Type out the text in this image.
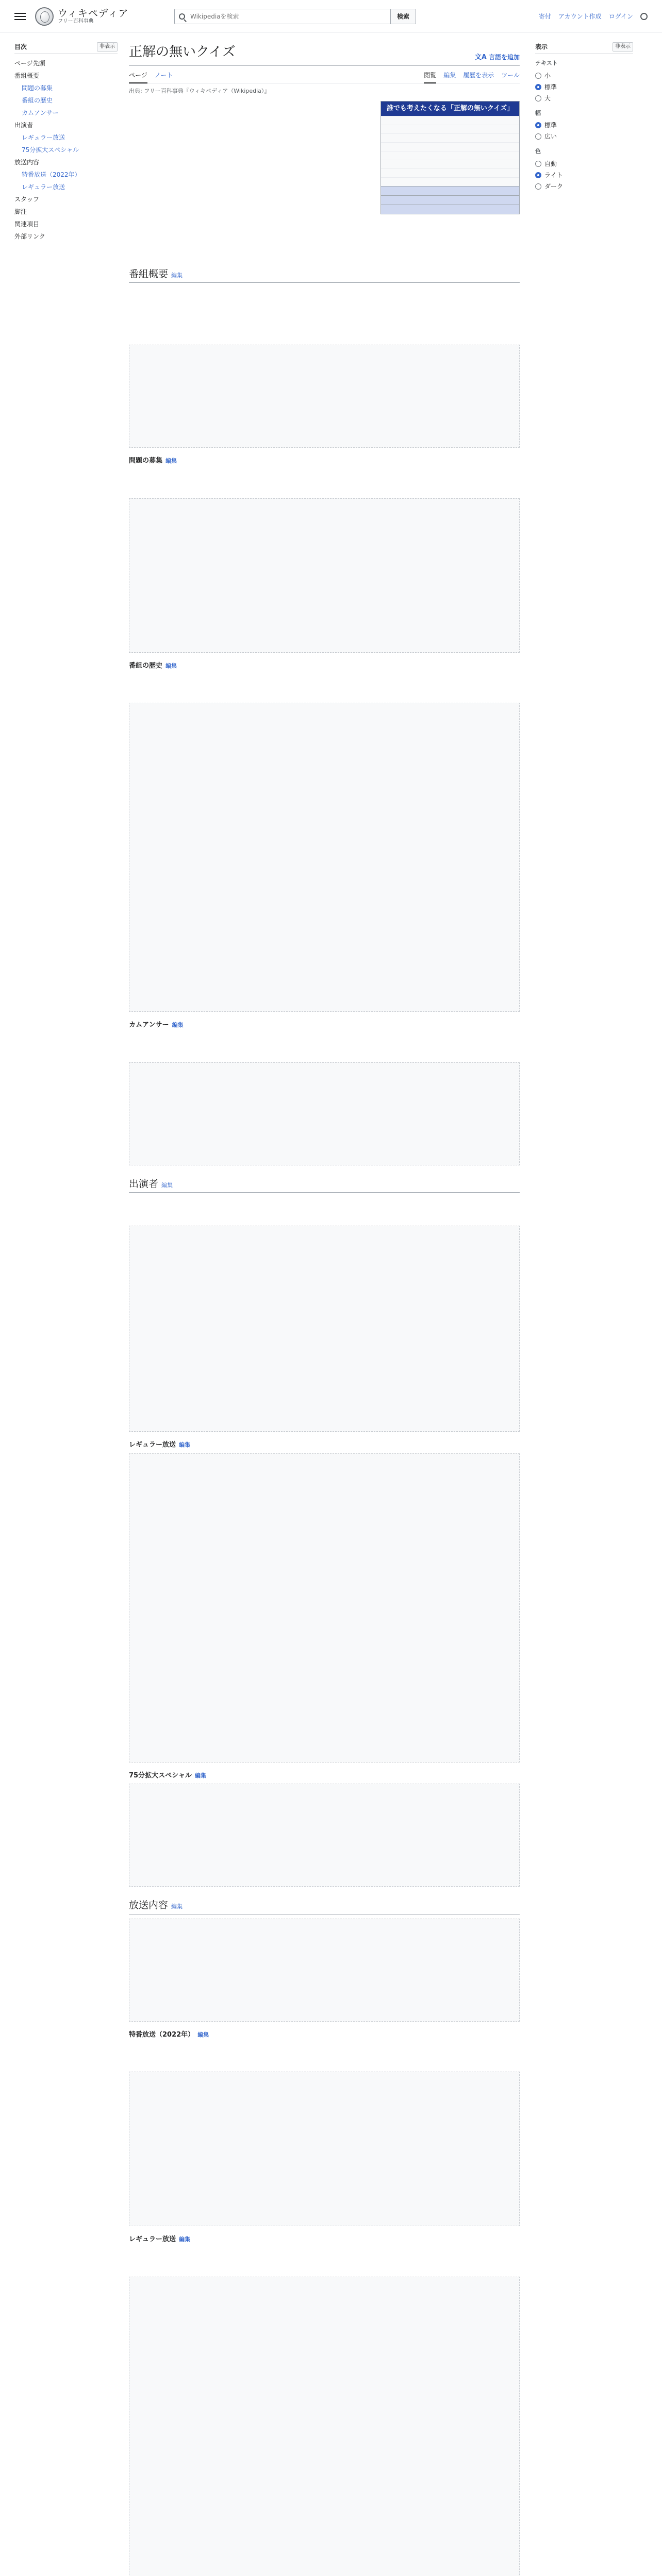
ウィキペディア
フリー百科事典
Wikipediaを検索
検索	寄付 アカウント作成 ログイン
目次	非表示
ページ先頭
番組概要
問題の募集
番組の歴史
カムアンサー
出演者
レギュラー放送
75分拡大スペシャル
放送内容
特番放送（2022年）
レギュラー放送
スタッフ
脚注
関連項目
外部リンク
正解の無いクイズ	文A 言語を追加
ページ ノート	閲覧 編集 履歴を表示 ツール
出典: フリー百科事典『ウィキペディア（Wikipedia）』

誰でも考えたくなる「正解の無いクイズ」

番組概要 編集

問題の募集 編集

番組の歴史 編集

カムアンサー 編集

出演者 編集

レギュラー放送 編集
75分拡大スペシャル 編集
放送内容 編集
特番放送（2022年） 編集

レギュラー放送 編集

表示	非表示
テキスト
小
標準
大
幅
標準
広い
色
自動
ライト
ダーク
